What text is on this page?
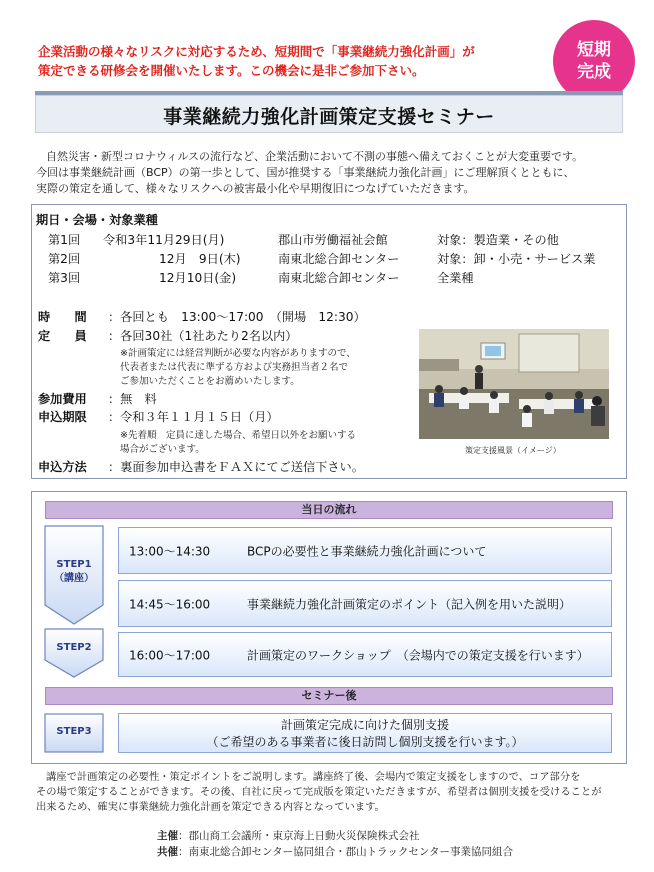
企業活動の様々なリスクに対応するため、短期間で「事業継続力強化計画」が
策定できる研修会を開催いたします。この機会に是非ご参加下さい。
短期
完成
事業継続力強化計画策定支援セミナー
自然災害・新型コロナウィルスの流行など、企業活動において不測の事態へ備えておくことが大変重要です。
今回は事業継続計画（BCP）の第一歩として、国が推奨する「事業継続力強化計画」にご理解頂くとともに、
実際の策定を通して、様々なリスクへの被害最小化や早期復旧につなげていただきます。
期日・会場・対象業種
第1回 令和3年11月29日(月)	郡山市労働福祉会館	対象：製造業・その他
第2回	12月　9日(木)	南東北総合卸センター	対象：卸・小売・サービス業
第3回	12月10日(金)	南東北総合卸センター	全業種
時　　間 ：各回とも　13:00～17:00　（開場　12:30）
定　　員 ：各回30社（1社あたり2名以内）
※計画策定には経営判断が必要な内容がありますので、
代表者または代表に準ずる方および実務担当者２名で
ご参加いただくことをお薦めいたします。
参加費用 ：無　料
申込期限 ：令和３年１１月１５日（月）
※先着順　定員に達した場合、希望日以外をお願いする
場合がございます。
申込方法 ：裏面参加申込書をＦＡＸにてご送信下さい。
策定支援風景（イメージ）
当日の流れ
STEP1
（講座）
STEP2
13:00～14:30	BCPの必要性と事業継続力強化計画について
14:45～16:00	事業継続力強化計画策定のポイント（記入例を用いた説明）
16:00～17:00	計画策定のワークショップ　（会場内での策定支援を行います）
セミナー後
STEP3	計画策定完成に向けた個別支援
（ご希望のある事業者に後日訪問し個別支援を行います。）
講座で計画策定の必要性・策定ポイントをご説明します。講座終了後、会場内で策定支援をしますので、コア部分を
その場で策定することができます。その後、自社に戻って完成版を策定いただきますが、希望者は個別支援を受けることが
出来るため、確実に事業継続力強化計画を策定できる内容となっています。
主催：郡山商工会議所・東京海上日動火災保険株式会社
共催：南東北総合卸センター協同組合・郡山トラックセンター事業協同組合
